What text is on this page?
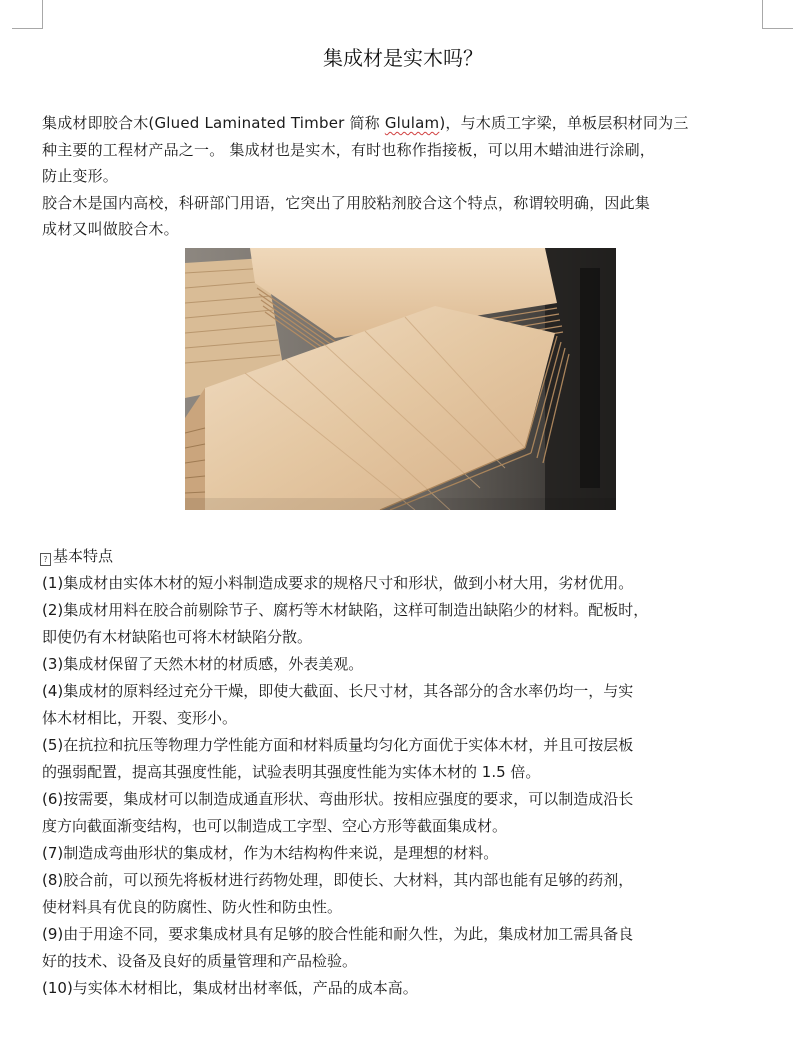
集成材是实木吗？
集成材即胶合木(Glued Laminated Timber 简称 Glulam)，与木质工字梁，单板层积材同为三
种主要的工程材产品之一。 集成材也是实木，有时也称作指接板，可以用木蜡油进行涂刷，
防止变形。
胶合木是国内高校，科研部门用语，它突出了用胶粘剂胶合这个特点，称谓较明确，因此集
成材又叫做胶合木。
? 基本特点
(1)集成材由实体木材的短小料制造成要求的规格尺寸和形状，做到小材大用，劣材优用。
(2)集成材用料在胶合前剔除节子、腐朽等木材缺陷，这样可制造出缺陷少的材料。配板时，
即使仍有木材缺陷也可将木材缺陷分散。
(3)集成材保留了天然木材的材质感，外表美观。
(4)集成材的原料经过充分干燥，即使大截面、长尺寸材，其各部分的含水率仍均一，与实
体木材相比，开裂、变形小。
(5)在抗拉和抗压等物理力学性能方面和材料质量均匀化方面优于实体木材，并且可按层板
的强弱配置，提高其强度性能，试验表明其强度性能为实体木材的 1.5 倍。
(6)按需要，集成材可以制造成通直形状、弯曲形状。按相应强度的要求，可以制造成沿长
度方向截面渐变结构，也可以制造成工字型、空心方形等截面集成材。
(7)制造成弯曲形状的集成材，作为木结构构件来说，是理想的材料。
(8)胶合前，可以预先将板材进行药物处理，即使长、大材料，其内部也能有足够的药剂，
使材料具有优良的防腐性、防火性和防虫性。
(9)由于用途不同，要求集成材具有足够的胶合性能和耐久性，为此，集成材加工需具备良
好的技术、设备及良好的质量管理和产品检验。
(10)与实体木材相比，集成材出材率低，产品的成本高。
